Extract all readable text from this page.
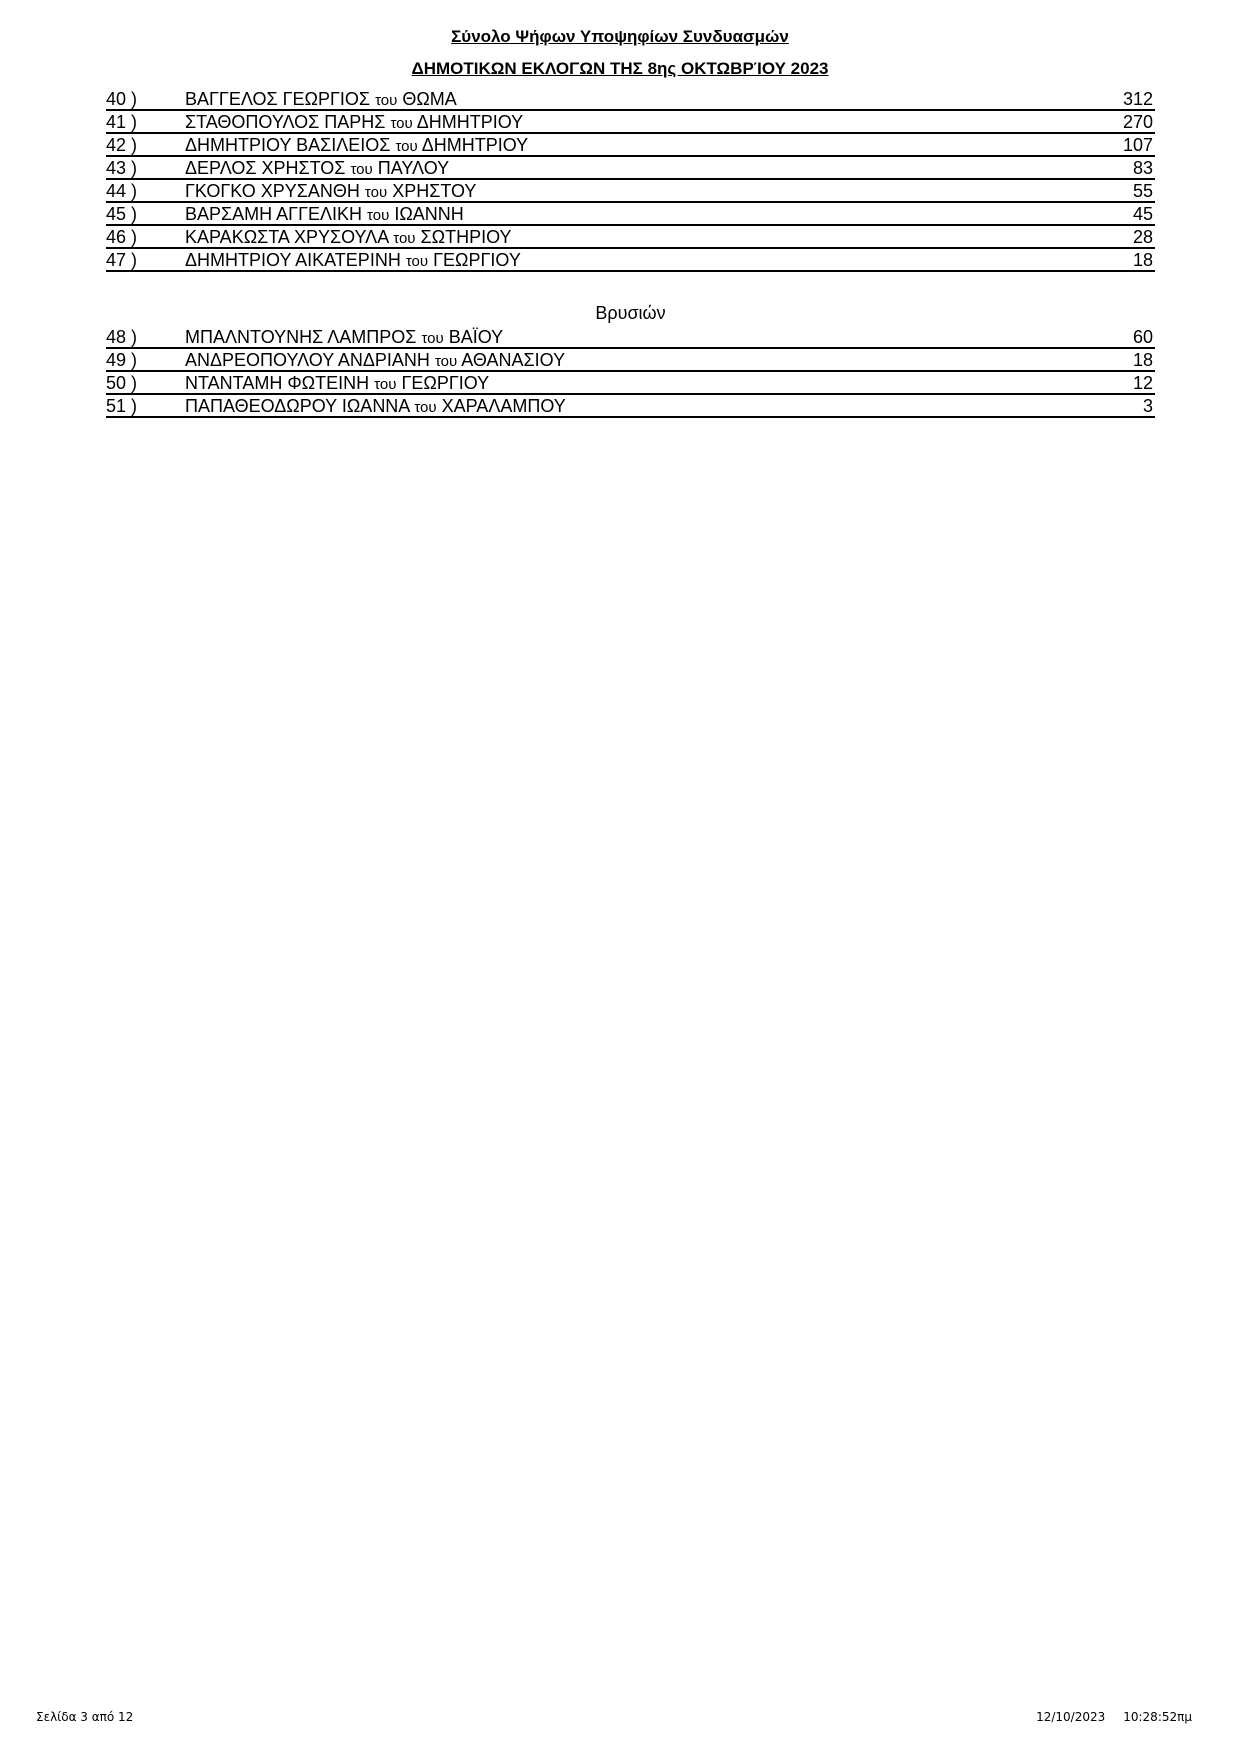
Σύνολο Ψήφων Υποψηφίων Συνδυασμών
ΔΗΜΟΤΙΚΩΝ ΕΚΛΟΓΩΝ ΤΗΣ 8ης ΟΚΤΩΒΡΊΟΥ 2023
40 )	ΒΑΓΓΕΛΟΣ ΓΕΩΡΓΙΟΣ του ΘΩΜΑ	312
41 )	ΣΤΑΘΟΠΟΥΛΟΣ ΠΑΡΗΣ του ΔΗΜΗΤΡΙΟΥ	270
42 )	ΔΗΜΗΤΡΙΟΥ ΒΑΣΙΛΕΙΟΣ του ΔΗΜΗΤΡΙΟΥ	107
43 )	ΔΕΡΛΟΣ ΧΡΗΣΤΟΣ του ΠΑΥΛΟΥ	83
44 )	ΓΚΟΓΚΟ ΧΡΥΣΑΝΘΗ του ΧΡΗΣΤΟΥ	55
45 )	ΒΑΡΣΑΜΗ ΑΓΓΕΛΙΚΗ του ΙΩΑΝΝΗ	45
46 )	ΚΑΡΑΚΩΣΤΑ ΧΡΥΣΟΥΛΑ του ΣΩΤΗΡΙΟΥ	28
47 )	ΔΗΜΗΤΡΙΟΥ ΑΙΚΑΤΕΡΙΝΗ του ΓΕΩΡΓΙΟΥ	18
Βρυσιών
48 )	ΜΠΑΛΝΤΟΥΝΗΣ ΛΑΜΠΡΟΣ του ΒΑΪΟΥ	60
49 )	ΑΝΔΡΕΟΠΟΥΛΟΥ ΑΝΔΡΙΑΝΗ του ΑΘΑΝΑΣΙΟΥ	18
50 )	ΝΤΑΝΤΑΜΗ ΦΩΤΕΙΝΗ του ΓΕΩΡΓΙΟΥ	12
51 )	ΠΑΠΑΘΕΟΔΩΡΟΥ ΙΩΑΝΝΑ του ΧΑΡΑΛΑΜΠΟΥ	3
Σελίδα 3 από 12	12/10/2023 10:28:52πμ
